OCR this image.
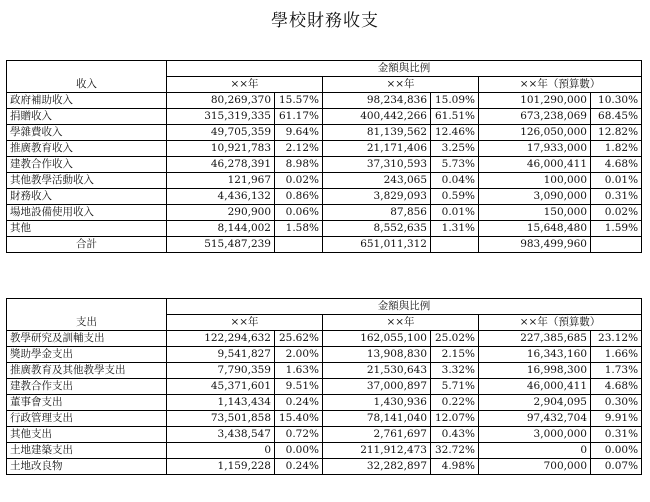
學校財務收支
收入	金額與比例					
	××年		××年		××年（預算數）	
政府補助收入	80,269,370	15.57%	98,234,836	15.09%	101,290,000	10.30%
捐贈收入	315,319,335	61.17%	400,442,266	61.51%	673,238,069	68.45%
學雜費收入	49,705,359	9.64%	81,139,562	12.46%	126,050,000	12.82%
推廣教育收入	10,921,783	2.12%	21,171,406	3.25%	17,933,000	1.82%
建教合作收入	46,278,391	8.98%	37,310,593	5.73%	46,000,411	4.68%
其他教學活動收入	121,967	0.02%	243,065	0.04%	100,000	0.01%
財務收入	4,436,132	0.86%	3,829,093	0.59%	3,090,000	0.31%
場地設備使用收入	290,900	0.06%	87,856	0.01%	150,000	0.02%
其他	8,144,002	1.58%	8,552,635	1.31%	15,648,480	1.59%
合計	515,487,239		651,011,312		983,499,960	
支出	金額與比例					
	××年		××年		××年（預算數）	
教學研究及訓輔支出	122,294,632	25.62%	162,055,100	25.02%	227,385,685	23.12%
獎助學金支出	9,541,827	2.00%	13,908,830	2.15%	16,343,160	1.66%
推廣教育及其他教學支出	7,790,359	1.63%	21,530,643	3.32%	16,998,300	1.73%
建教合作支出	45,371,601	9.51%	37,000,897	5.71%	46,000,411	4.68%
董事會支出	1,143,434	0.24%	1,430,936	0.22%	2,904,095	0.30%
行政管理支出	73,501,858	15.40%	78,141,040	12.07%	97,432,704	9.91%
其他支出	3,438,547	0.72%	2,761,697	0.43%	3,000,000	0.31%
土地建築支出	0	0.00%	211,912,473	32.72%	0	0.00%
土地改良物	1,159,228	0.24%	32,282,897	4.98%	700,000	0.07%
